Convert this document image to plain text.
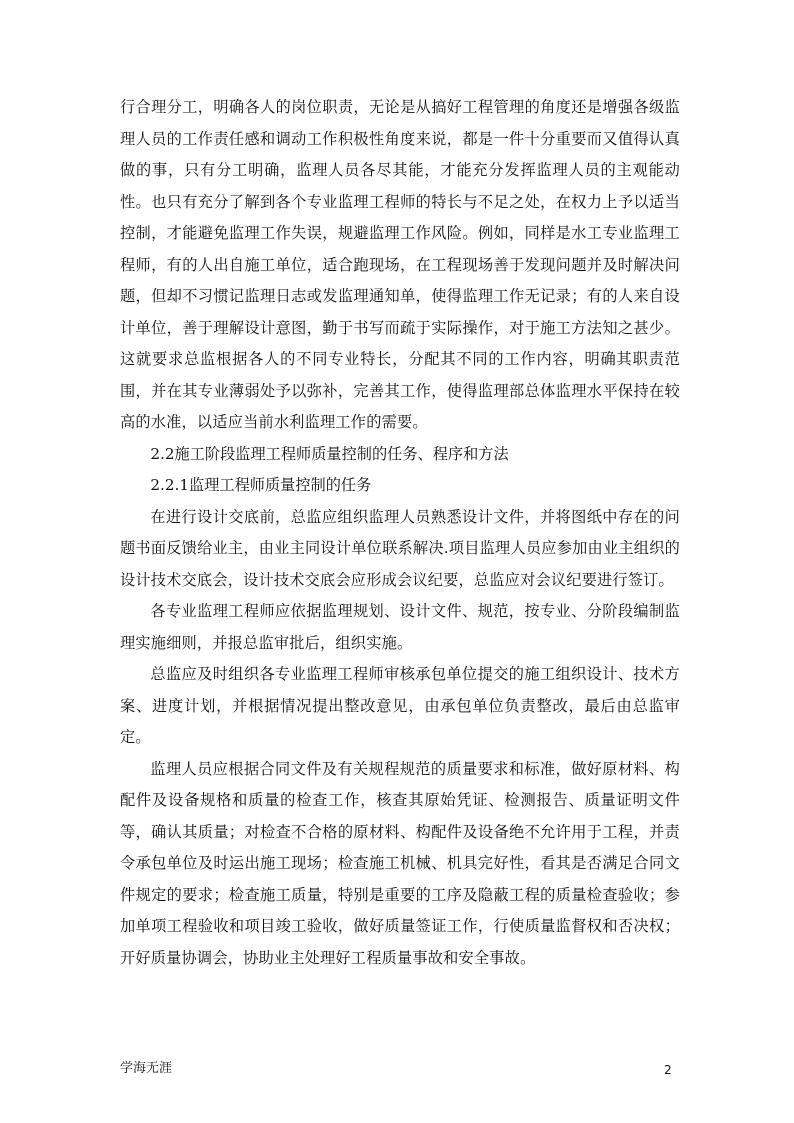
行合理分工，明确各人的岗位职责，无论是从搞好工程管理的角度还是增强各级监理人员的工作责任感和调动工作积极性角度来说，都是一件十分重要而又值得认真做的事，只有分工明确，监理人员各尽其能，才能充分发挥监理人员的主观能动性。也只有充分了解到各个专业监理工程师的特长与不足之处，在权力上予以适当控制，才能避免监理工作失误，规避监理工作风险。例如，同样是水工专业监理工程师，有的人出自施工单位，适合跑现场，在工程现场善于发现问题并及时解决问题，但却不习惯记监理日志或发监理通知单，使得监理工作无记录；有的人来自设计单位，善于理解设计意图，勤于书写而疏于实际操作，对于施工方法知之甚少。这就要求总监根据各人的不同专业特长，分配其不同的工作内容，明确其职责范围，并在其专业薄弱处予以弥补，完善其工作，使得监理部总体监理水平保持在较高的水准，以适应当前水利监理工作的需要。

2.2施工阶段监理工程师质量控制的任务、程序和方法

2.2.1监理工程师质量控制的任务

在进行设计交底前，总监应组织监理人员熟悉设计文件，并将图纸中存在的问题书面反馈给业主，由业主同设计单位联系解决.项目监理人员应参加由业主组织的设计技术交底会，设计技术交底会应形成会议纪要，总监应对会议纪要进行签订。

各专业监理工程师应依据监理规划、设计文件、规范，按专业、分阶段编制监理实施细则，并报总监审批后，组织实施。

总监应及时组织各专业监理工程师审核承包单位提交的施工组织设计、技术方案、进度计划，并根据情况提出整改意见，由承包单位负责整改，最后由总监审定。

监理人员应根据合同文件及有关规程规范的质量要求和标准，做好原材料、构配件及设备规格和质量的检查工作，核查其原始凭证、检测报告、质量证明文件等，确认其质量；对检查不合格的原材料、构配件及设备绝不允许用于工程，并责令承包单位及时运出施工现场；检查施工机械、机具完好性，看其是否满足合同文件规定的要求；检查施工质量，特别是重要的工序及隐蔽工程的质量检查验收；参加单项工程验收和项目竣工验收，做好质量签证工作，行使质量监督权和否决权；开好质量协调会，协助业主处理好工程质量事故和安全事故。

学海无涯	2
